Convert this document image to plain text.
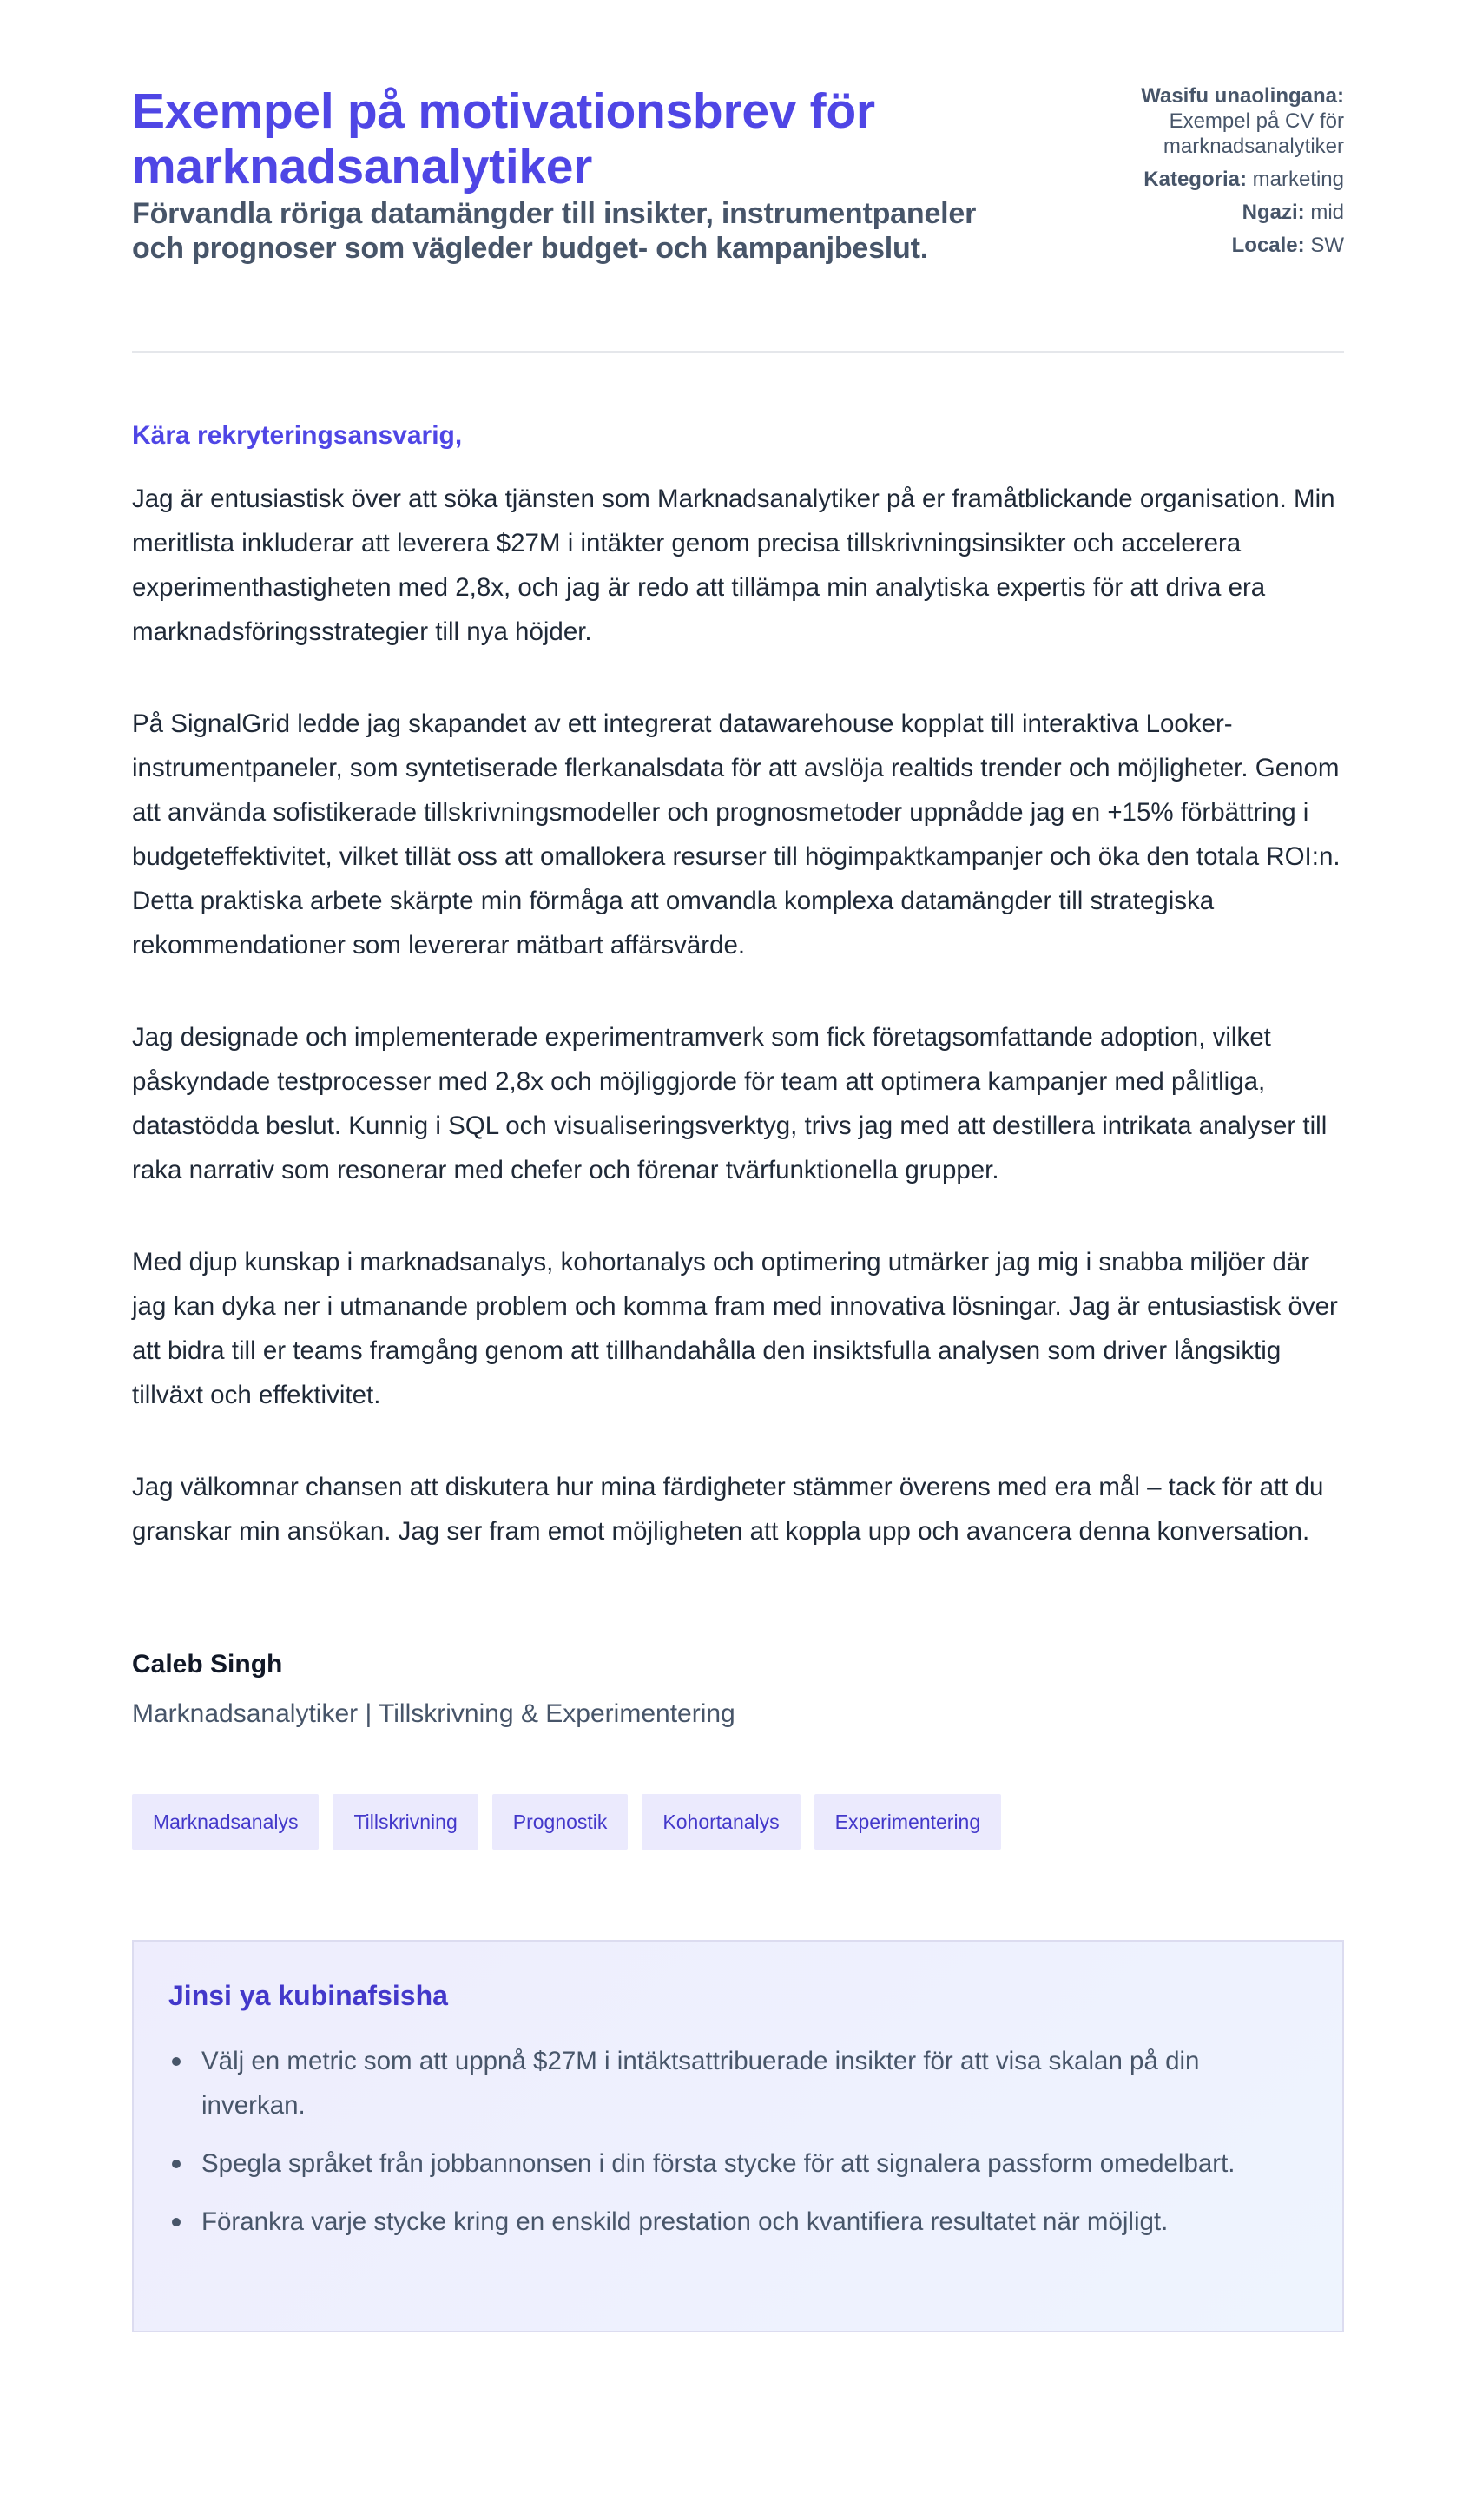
Exempel på motivationsbrev för marknadsanalytiker
Förvandla röriga datamängder till insikter, instrumentpaneler och prognoser som vägleder budget- och kampanjbeslut.
Wasifu unaolingana:
Exempel på CV för marknadsanalytiker
Kategoria: marketing
Ngazi: mid
Locale: SW

Kära rekryteringsansvarig,

Jag är entusiastisk över att söka tjänsten som Marknadsanalytiker på er framåtblickande organisation. Min meritlista inkluderar att leverera $27M i intäkter genom precisa tillskrivningsinsikter och accelerera experimenthastigheten med 2,8x, och jag är redo att tillämpa min analytiska expertis för att driva era marknadsföringsstrategier till nya höjder.

På SignalGrid ledde jag skapandet av ett integrerat datawarehouse kopplat till interaktiva Looker-instrumentpaneler, som syntetiserade flerkanalsdata för att avslöja realtids trender och möjligheter. Genom att använda sofistikerade tillskrivningsmodeller och prognosmetoder uppnådde jag en +15% förbättring i budgeteffektivitet, vilket tillät oss att omallokera resurser till högimpaktkampanjer och öka den totala ROI:n. Detta praktiska arbete skärpte min förmåga att omvandla komplexa datamängder till strategiska rekommendationer som levererar mätbart affärsvärde.

Jag designade och implementerade experimentramverk som fick företagsomfattande adoption, vilket påskyndade testprocesser med 2,8x och möjliggjorde för team att optimera kampanjer med pålitliga, datastödda beslut. Kunnig i SQL och visualiseringsverktyg, trivs jag med att destillera intrikata analyser till raka narrativ som resonerar med chefer och förenar tvärfunktionella grupper.

Med djup kunskap i marknadsanalys, kohortanalys och optimering utmärker jag mig i snabba miljöer där jag kan dyka ner i utmanande problem och komma fram med innovativa lösningar. Jag är entusiastisk över att bidra till er teams framgång genom att tillhandahålla den insiktsfulla analysen som driver långsiktig tillväxt och effektivitet.

Jag välkomnar chansen att diskutera hur mina färdigheter stämmer överens med era mål – tack för att du granskar min ansökan. Jag ser fram emot möjligheten att koppla upp och avancera denna konversation.

Caleb Singh
Marknadsanalytiker | Tillskrivning & Experimentering
Marknadsanalys	Tillskrivning	Prognostik	Kohortanalys	Experimentering
Jinsi ya kubinafsisha
Välj en metric som att uppnå $27M i intäktsattribuerade insikter för att visa skalan på din inverkan.
Spegla språket från jobbannonsen i din första stycke för att signalera passform omedelbart.
Förankra varje stycke kring en enskild prestation och kvantifiera resultatet när möjligt.
